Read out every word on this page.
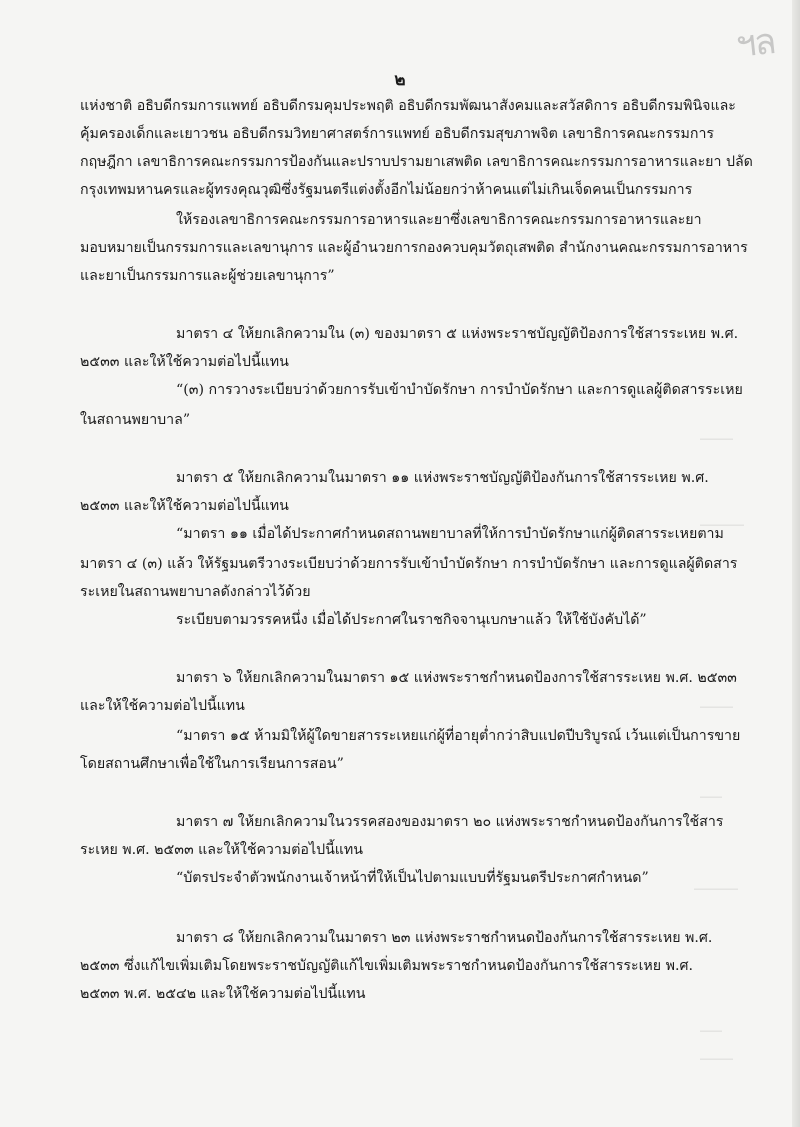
ฯล
๒
แห่งชาติ อธิบดีกรมการแพทย์ อธิบดีกรมคุมประพฤติ อธิบดีกรมพัฒนาสังคมและสวัสดิการ อธิบดีกรมพินิจและ
คุ้มครองเด็กและเยาวชน อธิบดีกรมวิทยาศาสตร์การแพทย์ อธิบดีกรมสุขภาพจิต เลขาธิการคณะกรรมการ
กฤษฎีกา เลขาธิการคณะกรรมการป้องกันและปราบปรามยาเสพติด เลขาธิการคณะกรรมการอาหารและยา ปลัด
กรุงเทพมหานครและผู้ทรงคุณวุฒิซึ่งรัฐมนตรีแต่งตั้งอีกไม่น้อยกว่าห้าคนแต่ไม่เกินเจ็ดคนเป็นกรรมการ
ให้รองเลขาธิการคณะกรรมการอาหารและยาซึ่งเลขาธิการคณะกรรมการอาหารและยา
มอบหมายเป็นกรรมการและเลขานุการ และผู้อำนวยการกองควบคุมวัตถุเสพติด สำนักงานคณะกรรมการอาหาร
และยาเป็นกรรมการและผู้ช่วยเลขานุการ”
มาตรา ๔ ให้ยกเลิกความใน (๓) ของมาตรา ๕ แห่งพระราชบัญญัติป้องการใช้สารระเหย พ.ศ.
๒๕๓๓ และให้ใช้ความต่อไปนี้แทน
“(๓) การวางระเบียบว่าด้วยการรับเข้าบำบัดรักษา การบำบัดรักษา และการดูแลผู้ติดสารระเหย
ในสถานพยาบาล”
มาตรา ๕ ให้ยกเลิกความในมาตรา ๑๑ แห่งพระราชบัญญัติป้องกันการใช้สารระเหย พ.ศ.
๒๕๓๓ และให้ใช้ความต่อไปนี้แทน
“มาตรา ๑๑ เมื่อได้ประกาศกำหนดสถานพยาบาลที่ให้การบำบัดรักษาแก่ผู้ติดสารระเหยตาม
มาตรา ๔ (๓) แล้ว ให้รัฐมนตรีวางระเบียบว่าด้วยการรับเข้าบำบัดรักษา การบำบัดรักษา และการดูแลผู้ติดสาร
ระเหยในสถานพยาบาลดังกล่าวไว้ด้วย
ระเบียบตามวรรคหนึ่ง เมื่อได้ประกาศในราชกิจจานุเบกษาแล้ว ให้ใช้บังคับได้”
มาตรา ๖ ให้ยกเลิกความในมาตรา ๑๕ แห่งพระราชกำหนดป้องการใช้สารระเหย พ.ศ. ๒๕๓๓
และให้ใช้ความต่อไปนี้แทน
“มาตรา ๑๕ ห้ามมิให้ผู้ใดขายสารระเหยแก่ผู้ที่อายุต่ำกว่าสิบแปดปีบริบูรณ์ เว้นแต่เป็นการขาย
โดยสถานศึกษาเพื่อใช้ในการเรียนการสอน”
มาตรา ๗ ให้ยกเลิกความในวรรคสองของมาตรา ๒๐ แห่งพระราชกำหนดป้องกันการใช้สาร
ระเหย พ.ศ. ๒๕๓๓ และให้ใช้ความต่อไปนี้แทน
“บัตรประจำตัวพนักงานเจ้าหน้าที่ให้เป็นไปตามแบบที่รัฐมนตรีประกาศกำหนด”
มาตรา ๘ ให้ยกเลิกความในมาตรา ๒๓ แห่งพระราชกำหนดป้องกันการใช้สารระเหย พ.ศ.
๒๕๓๓ ซึ่งแก้ไขเพิ่มเติมโดยพระราชบัญญัติแก้ไขเพิ่มเติมพระราชกำหนดป้องกันการใช้สารระเหย พ.ศ.
๒๕๓๓ พ.ศ. ๒๕๔๒ และให้ใช้ความต่อไปนี้แทน
―――
――――
―――
――
――――
――
―――
